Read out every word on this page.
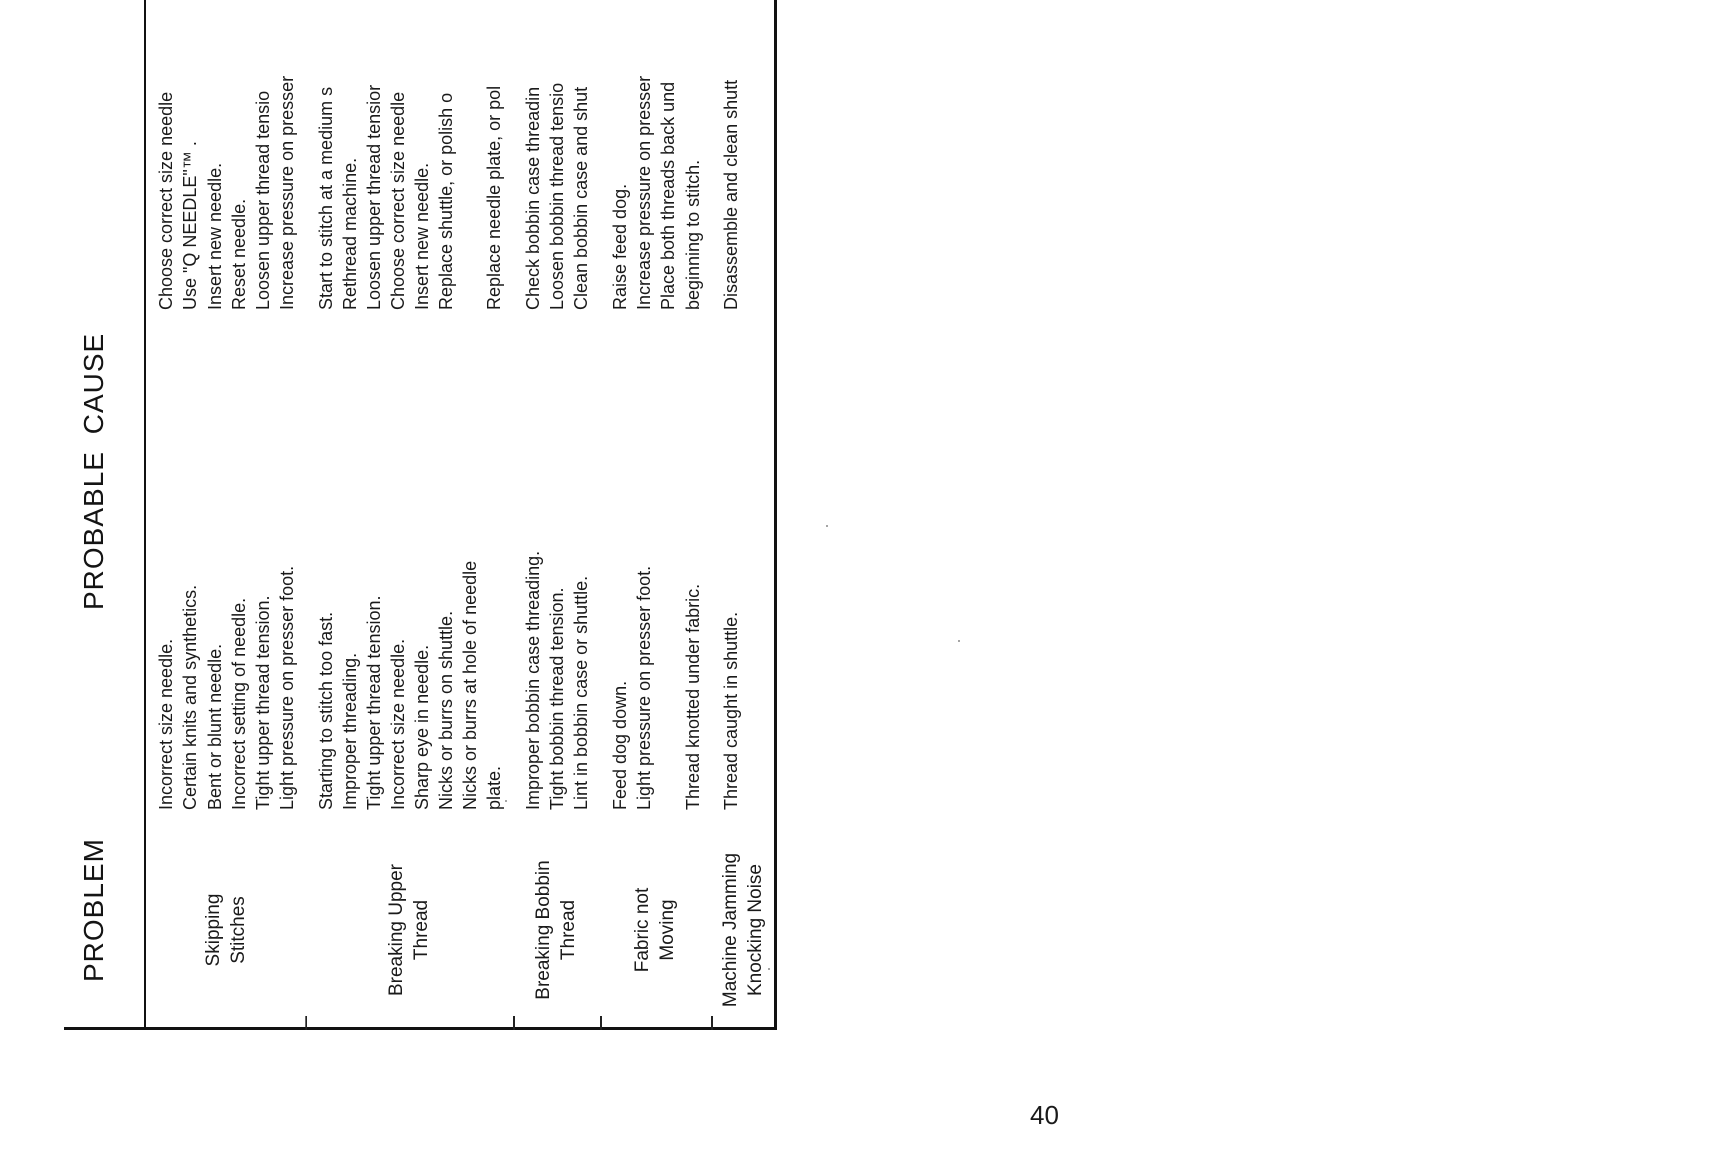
PROBLEM
PROBABLE CAUSE
Skipping Stitches
Incorrect size needle. Certain knits and synthetics. Bent or blunt needle. Incorrect setting of needle. Tight upper thread tension. Light pressure on presser foot.
Choose correct size needle Use "Q NEEDLE"™ . Insert new needle. Reset needle. Loosen upper thread tensio Increase pressure on presser
Breaking Upper Thread
Starting to stitch too fast. Improper threading. Tight upper thread tension. Incorrect size needle. Sharp eye in needle. Nicks or burrs on shuttle. Nicks or burrs at hole of needle plate.
Start to stitch at a medium s Rethread machine. Loosen upper thread tensior Choose correct size needle Insert new needle. Replace shuttle, or polish o Replace needle plate, or pol
Breaking Bobbin Thread
Improper bobbin case threading. Tight bobbin thread tension. Lint in bobbin case or shuttle.
Check bobbin case threadin Loosen bobbin thread tensio Clean bobbin case and shut
Fabric not Moving
Feed dog down. Light pressure on presser foot. Thread knotted under fabric.
Raise feed dog. Increase pressure on presser Place both threads back und beginning to stitch.
Machine Jamming Knocking Noise
Thread caught in shuttle.
Disassemble and clean shutt
40
